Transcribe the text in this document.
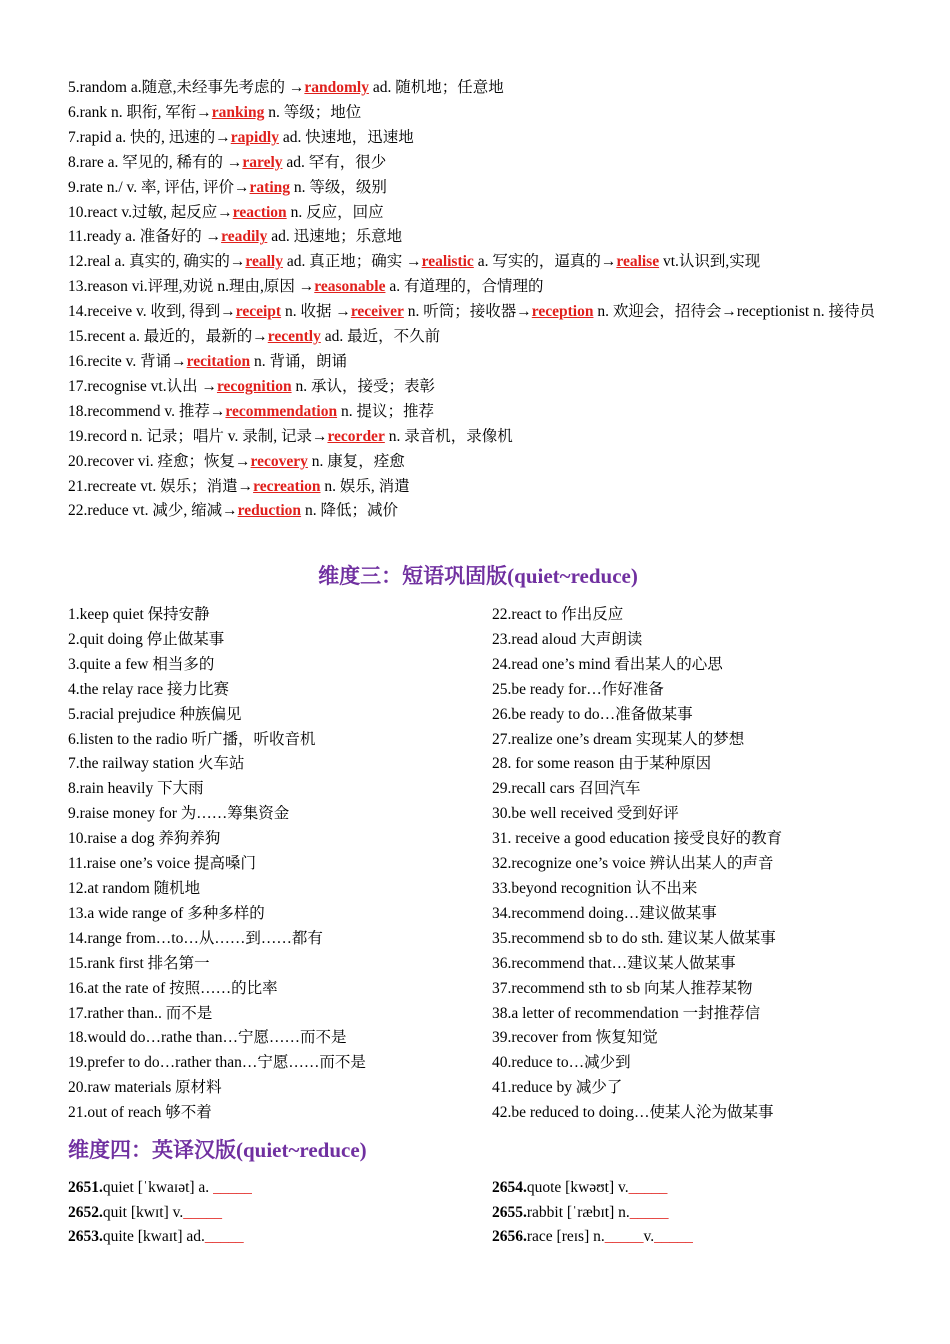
5.random a.随意,未经事先考虑的 →randomly ad. 随机地；任意地
6.rank n. 职衔, 军衔→ranking n. 等级；地位
7.rapid a. 快的, 迅速的→rapidly ad. 快速地，迅速地
8.rare a. 罕见的, 稀有的 →rarely ad. 罕有，很少
9.rate n./ v. 率, 评估, 评价→rating n. 等级，级别
10.react v.过敏, 起反应→reaction n. 反应，回应
11.ready a. 准备好的 →readily ad. 迅速地；乐意地
12.real a. 真实的, 确实的→really ad. 真正地；确实 →realistic a. 写实的，逼真的→realise vt.认识到,实现
13.reason vi.评理,劝说 n.理由,原因 →reasonable a. 有道理的，合情理的
14.receive v. 收到, 得到→receipt n. 收据 →receiver n. 听筒；接收器→reception n. 欢迎会，招待会→receptionist n. 接待员
15.recent a. 最近的，最新的→recently ad. 最近，不久前
16.recite v. 背诵→recitation n. 背诵，朗诵
17.recognise vt.认出 →recognition n. 承认，接受；表彰
18.recommend v. 推荐→recommendation n. 提议；推荐
19.record n. 记录；唱片 v. 录制, 记录→recorder n. 录音机，录像机
20.recover vi. 痊愈；恢复→recovery n. 康复，痊愈
21.recreate vt. 娱乐；消遣→recreation n. 娱乐, 消遣
22.reduce vt. 减少, 缩减→reduction n. 降低；减价
维度三：短语巩固版(quiet~reduce)
1.keep quiet 保持安静
2.quit doing 停止做某事
3.quite a few 相当多的
4.the relay race 接力比赛
5.racial prejudice 种族偏见
6.listen to the radio 听广播，听收音机
7.the railway station 火车站
8.rain heavily 下大雨
9.raise money for 为……筹集资金
10.raise a dog 养狗养狗
11.raise one’s voice 提高嗓门
12.at random 随机地
13.a wide range of 多种多样的
14.range from…to…从……到……都有
15.rank first 排名第一
16.at the rate of 按照……的比率
17.rather than.. 而不是
18.would do…rathe than…宁愿……而不是
19.prefer to do…rather than…宁愿……而不是
20.raw materials 原材料
21.out of reach 够不着
22.react to 作出反应
23.read aloud 大声朗读
24.read one’s mind 看出某人的心思
25.be ready for…作好准备
26.be ready to do…准备做某事
27.realize one’s dream 实现某人的梦想
28. for some reason 由于某种原因
29.recall cars 召回汽车
30.be well received 受到好评
31. receive a good education 接受良好的教育
32.recognize one’s voice 辨认出某人的声音
33.beyond recognition 认不出来
34.recommend doing…建议做某事
35.recommend sb to do sth. 建议某人做某事
36.recommend that…建议某人做某事
37.recommend sth to sb 向某人推荐某物
38.a letter of recommendation 一封推荐信
39.recover from 恢复知觉
40.reduce to…减少到
41.reduce by 减少了
42.be reduced to doing…使某人沦为做某事
维度四：英译汉版(quiet~reduce)
2651.quiet [ˈkwaɪət] a. _____
2652.quit [kwɪt] v._____
2653.quite [kwaɪt] ad._____
2654.quote [kwəʊt] v._____
2655.rabbit [ˈræbɪt] n._____
2656.race [reɪs] n._____v._____
